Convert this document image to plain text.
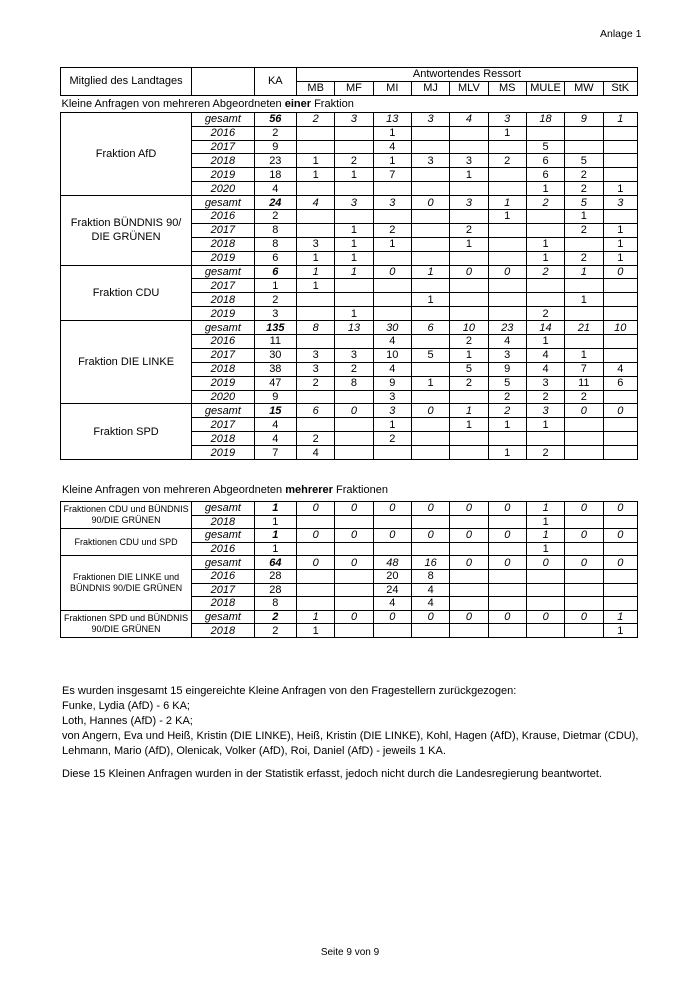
Anlage 1
Mitglied des Landtages		KA	Antwortendes Ressort								
			MB	MF	MI	MJ	MLV	MS	MULE	MW	StK
Kleine Anfragen von mehreren Abgeordneten einer Fraktion											
Fraktion AfD	gesamt	56	2	3	13	3	4	3	18	9	1
	2016	2			1			1			
	2017	9			4				5		
	2018	23	1	2	1	3	3	2	6	5	
	2019	18	1	1	7		1		6	2	
	2020	4							1	2	1
Fraktion BÜNDNIS 90/ DIE GRÜNEN	gesamt	24	4	3	3	0	3	1	2	5	3
	2016	2						1		1	
	2017	8		1	2		2			2	1
	2018	8	3	1	1		1		1		1
	2019	6	1	1					1	2	1
Fraktion CDU	gesamt	6	1	1	0	1	0	0	2	1	0
	2017	1	1								
	2018	2				1				1	
	2019	3		1					2		
Fraktion DIE LINKE	gesamt	135	8	13	30	6	10	23	14	21	10
	2016	11			4		2	4	1		
	2017	30	3	3	10	5	1	3	4	1	
	2018	38	3	2	4		5	9	4	7	4
	2019	47	2	8	9	1	2	5	3	11	6
	2020	9			3			2	2	2	
Fraktion SPD	gesamt	15	6	0	3	0	1	2	3	0	0
	2017	4			1		1	1	1		
	2018	4	2		2						
	2019	7	4					1	2		
Kleine Anfragen von mehreren Abgeordneten mehrerer Fraktionen
Fraktionen CDU und BÜNDNIS 90/DIE GRÜNEN	gesamt	1	0	0	0	0	0	0	1	0	0
	2018	1							1		
Fraktionen CDU und SPD	gesamt	1	0	0	0	0	0	0	1	0	0
	2016	1							1		
Fraktionen DIE LINKE und BÜNDNIS 90/DIE GRÜNEN	gesamt	64	0	0	48	16	0	0	0	0	0
	2016	28			20	8					
	2017	28			24	4					
	2018	8			4	4					
Fraktionen SPD und BÜNDNIS 90/DIE GRÜNEN	gesamt	2	1	0	0	0	0	0	0	0	1
	2018	2	1								1

Es wurden insgesamt 15 eingereichte Kleine Anfragen von den Fragestellern zurückgezogen:

Funke, Lydia (AfD) - 6 KA;

Loth, Hannes (AfD) - 2 KA;

von Angern, Eva und Heiß, Kristin (DIE LINKE), Heiß, Kristin (DIE LINKE), Kohl, Hagen (AfD), Krause, Dietmar (CDU), Lehmann, Mario (AfD), Olenicak, Volker (AfD), Roi, Daniel (AfD) - jeweils 1 KA.

Diese 15 Kleinen Anfragen wurden in der Statistik erfasst, jedoch nicht durch die Landesregierung beantwortet.

Seite 9 von 9
